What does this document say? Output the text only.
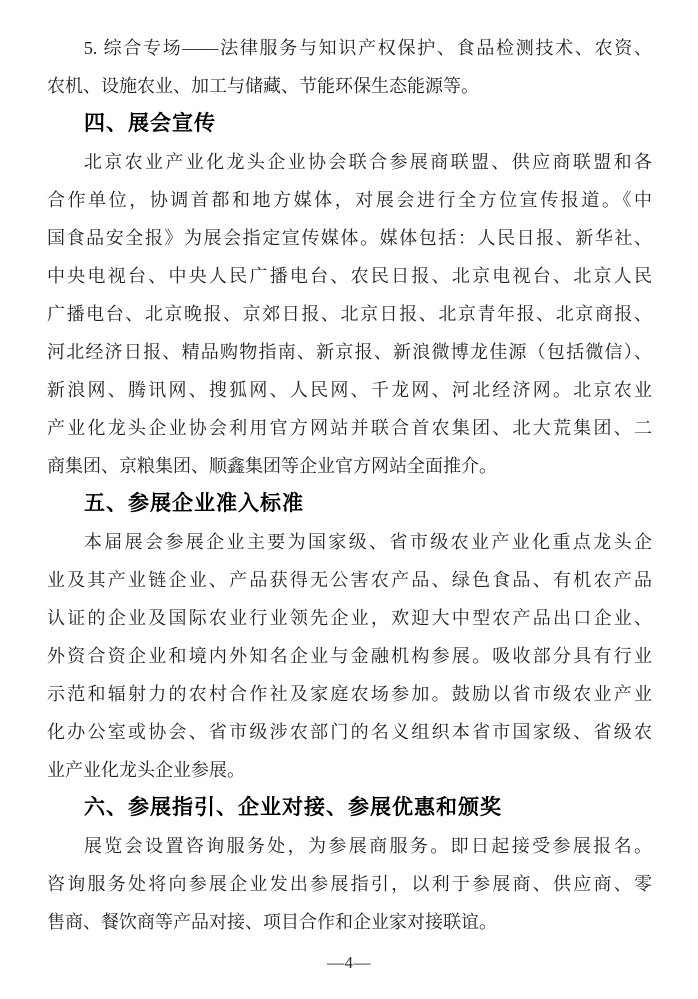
5. 综合专场——法律服务与知识产权保护、食品检测技术、农资、

农机、设施农业、加工与储藏、节能环保生态能源等。

四、展会宣传

北京农业产业化龙头企业协会联合参展商联盟、供应商联盟和各

合作单位，协调首都和地方媒体，对展会进行全方位宣传报道。《中

国食品安全报》为展会指定宣传媒体。媒体包括：人民日报、新华社、

中央电视台、中央人民广播电台、农民日报、北京电视台、北京人民

广播电台、北京晚报、京郊日报、北京日报、北京青年报、北京商报、

河北经济日报、精品购物指南、新京报、新浪微博龙佳源（包括微信）、

新浪网、腾讯网、搜狐网、人民网、千龙网、河北经济网。北京农业

产业化龙头企业协会利用官方网站并联合首农集团、北大荒集团、二

商集团、京粮集团、顺鑫集团等企业官方网站全面推介。

五、参展企业准入标准

本届展会参展企业主要为国家级、省市级农业产业化重点龙头企

业及其产业链企业、产品获得无公害农产品、绿色食品、有机农产品

认证的企业及国际农业行业领先企业，欢迎大中型农产品出口企业、

外资合资企业和境内外知名企业与金融机构参展。吸收部分具有行业

示范和辐射力的农村合作社及家庭农场参加。鼓励以省市级农业产业

化办公室或协会、省市级涉农部门的名义组织本省市国家级、省级农

业产业化龙头企业参展。

六、参展指引、企业对接、参展优惠和颁奖

展览会设置咨询服务处，为参展商服务。即日起接受参展报名。

咨询服务处将向参展企业发出参展指引，以利于参展商、供应商、零

售商、餐饮商等产品对接、项目合作和企业家对接联谊。

—4—
